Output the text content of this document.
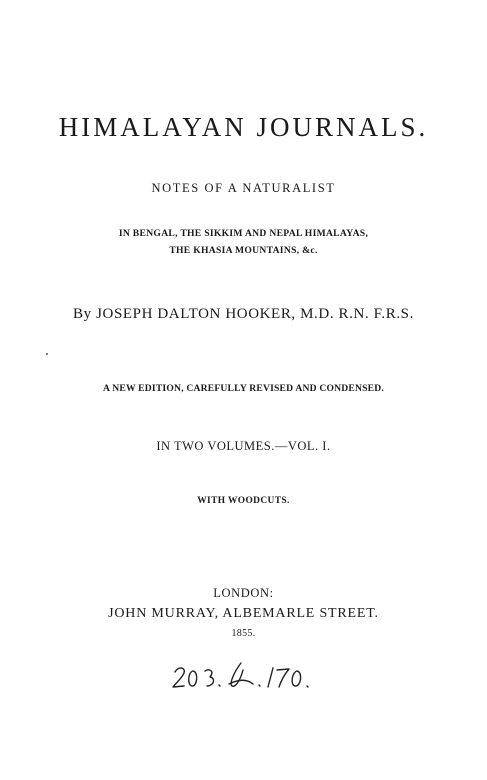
HIMALAYAN JOURNALS.
NOTES OF A NATURALIST
IN BENGAL, THE SIKKIM AND NEPAL HIMALAYAS,
THE KHASIA MOUNTAINS, &c.
By JOSEPH DALTON HOOKER, M.D. R.N. F.R.S.
A NEW EDITION, CAREFULLY REVISED AND CONDENSED.
IN TWO VOLUMES.—VOL. I.
WITH WOODCUTS.
LONDON:
JOHN MURRAY, ALBEMARLE STREET.
1855.
